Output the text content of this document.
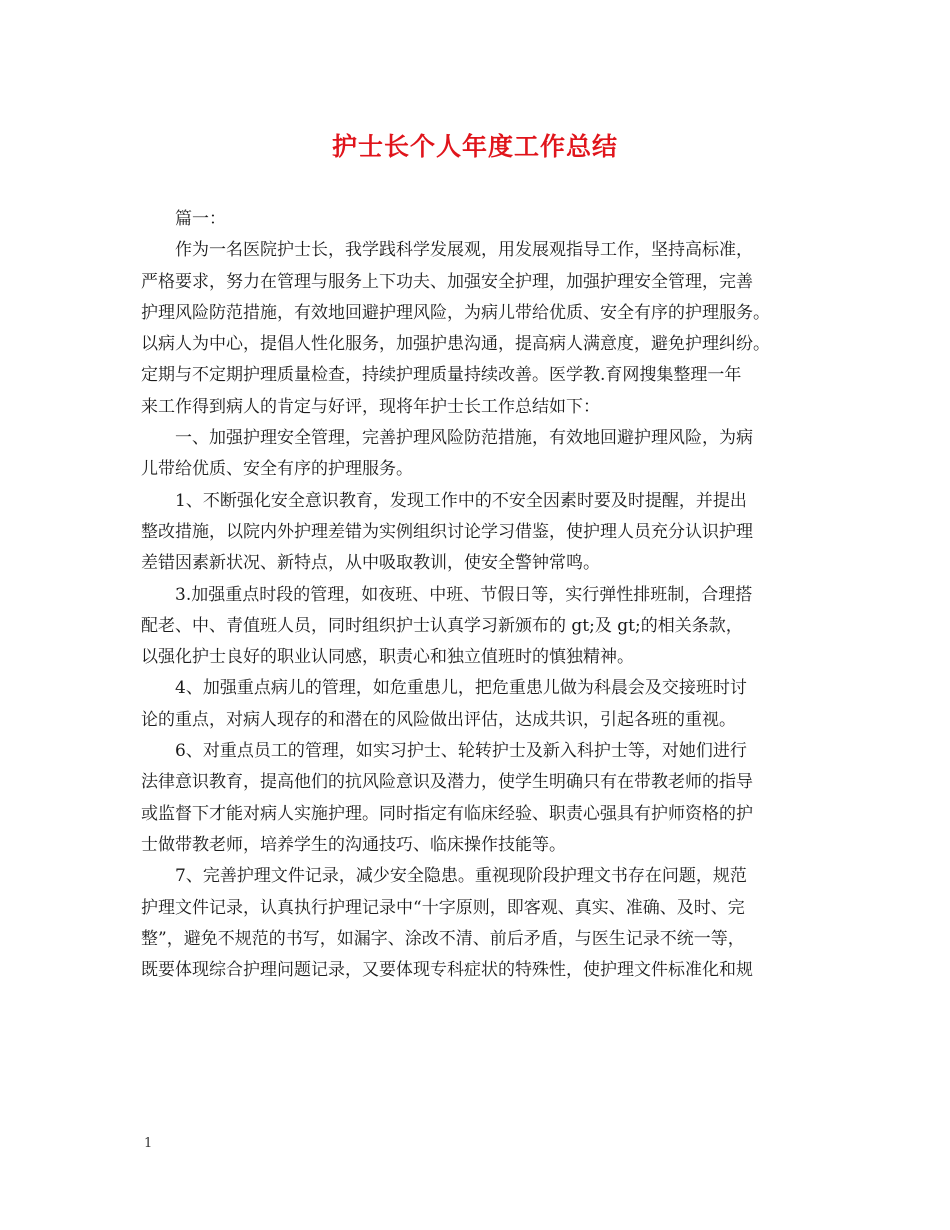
护士长个人年度工作总结
篇一：
作为一名医院护士长，我学践科学发展观，用发展观指导工作，坚持高标准，
严格要求，努力在管理与服务上下功夫、加强安全护理，加强护理安全管理，完善
护理风险防范措施，有效地回避护理风险，为病儿带给优质、安全有序的护理服务。
以病人为中心，提倡人性化服务，加强护患沟通，提高病人满意度，避免护理纠纷。
定期与不定期护理质量检查，持续护理质量持续改善。医学教.育网搜集整理一年
来工作得到病人的肯定与好评，现将年护士长工作总结如下：
一、加强护理安全管理，完善护理风险防范措施，有效地回避护理风险，为病
儿带给优质、安全有序的护理服务。
1、不断强化安全意识教育，发现工作中的不安全因素时要及时提醒，并提出
整改措施，以院内外护理差错为实例组织讨论学习借鉴，使护理人员充分认识护理
差错因素新状况、新特点，从中吸取教训，使安全警钟常鸣。
3.加强重点时段的管理，如夜班、中班、节假日等，实行弹性排班制，合理搭
配老、中、青值班人员，同时组织护士认真学习新颁布的 gt;及 gt;的相关条款，
以强化护士良好的职业认同感，职责心和独立值班时的慎独精神。
4、加强重点病儿的管理，如危重患儿，把危重患儿做为科晨会及交接班时讨
论的重点，对病人现存的和潜在的风险做出评估，达成共识，引起各班的重视。
6、对重点员工的管理，如实习护士、轮转护士及新入科护士等，对她们进行
法律意识教育，提高他们的抗风险意识及潜力，使学生明确只有在带教老师的指导
或监督下才能对病人实施护理。同时指定有临床经验、职责心强具有护师资格的护
士做带教老师，培养学生的沟通技巧、临床操作技能等。
7、完善护理文件记录，减少安全隐患。重视现阶段护理文书存在问题，规范
护理文件记录，认真执行护理记录中“十字原则，即客观、真实、准确、及时、完
整”，避免不规范的书写，如漏字、涂改不清、前后矛盾，与医生记录不统一等，
既要体现综合护理问题记录，又要体现专科症状的特殊性，使护理文件标准化和规
1
